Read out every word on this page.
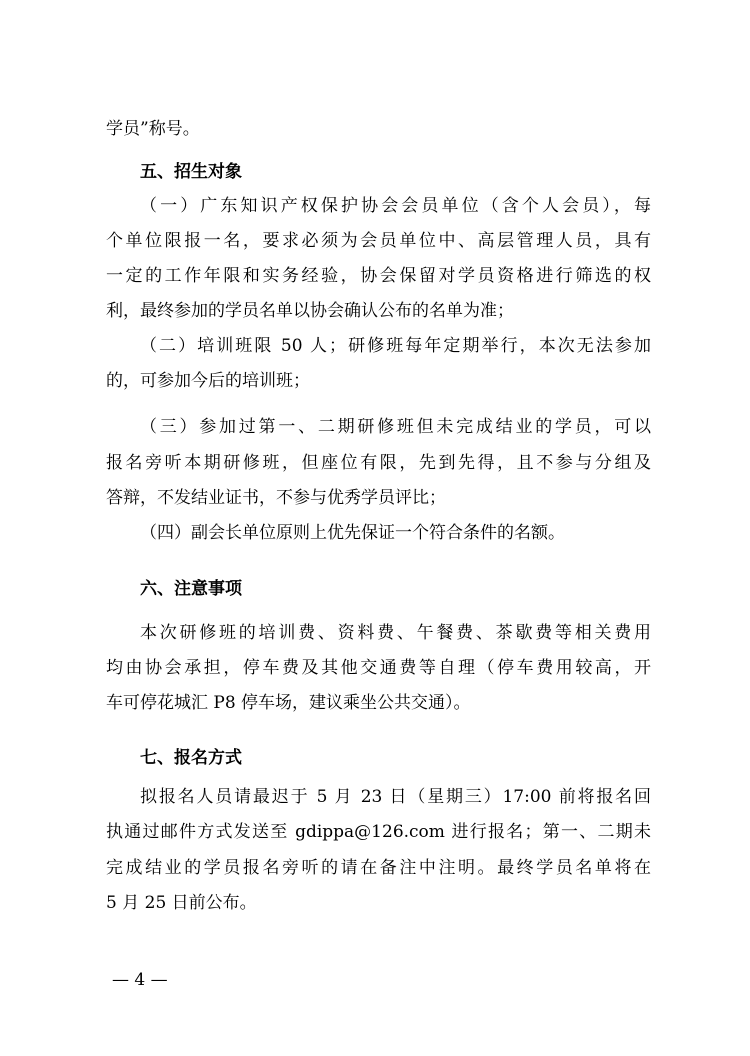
学员”称号。
五、招生对象
（一）广东知识产权保护协会会员单位（含个人会员），每
个单位限报一名，要求必须为会员单位中、高层管理人员，具有
一定的工作年限和实务经验，协会保留对学员资格进行筛选的权
利，最终参加的学员名单以协会确认公布的名单为准；
（二）培训班限 50 人；研修班每年定期举行，本次无法参加
的，可参加今后的培训班；
（三）参加过第一、二期研修班但未完成结业的学员，可以
报名旁听本期研修班，但座位有限，先到先得，且不参与分组及
答辩，不发结业证书，不参与优秀学员评比；
（四）副会长单位原则上优先保证一个符合条件的名额。
六、注意事项
本次研修班的培训费、资料费、午餐费、茶歇费等相关费用
均由协会承担，停车费及其他交通费等自理（停车费用较高，开
车可停花城汇 P8 停车场，建议乘坐公共交通）。
七、报名方式
拟报名人员请最迟于 5 月 23 日（星期三）17:00 前将报名回
执通过邮件方式发送至 gdippa@126.com 进行报名；第一、二期未
完成结业的学员报名旁听的请在备注中注明。最终学员名单将在
5 月 25 日前公布。
— 4 —
